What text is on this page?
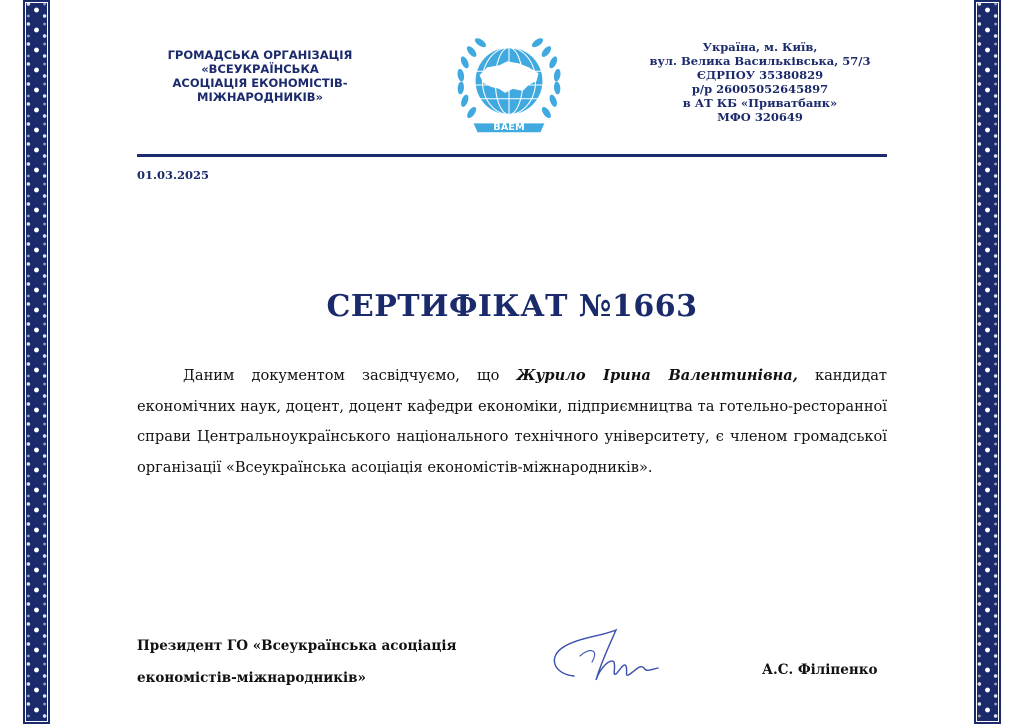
ГРОМАДСЬКА ОРГАНІЗАЦІЯ
«ВСЕУКРАЇНСЬКА
АСОЦІАЦІЯ ЕКОНОМІСТІВ-
МІЖНАРОДНИКІВ»
ВАЕМ
Україна, м. Київ,
вул. Велика Васильківська, 57/3
ЄДРПОУ 35380829
р/р 26005052645897
в АТ КБ «Приватбанк»
МФО 320649
01.03.2025
СЕРТИФІКАТ №1663
Даним документом засвідчуємо, що Журило Ірина Валентинівна, кандидат економічних наук, доцент, доцент кафедри економіки, підприємництва та готельно-ресторанної справи Центральноукраїнського національного технічного університету, є членом громадської організації «Всеукраїнська асоціація економістів-міжнародників».
Президент ГО «Всеукраїнська асоціація
економістів-міжнародників»	А.С. Філіпенко
